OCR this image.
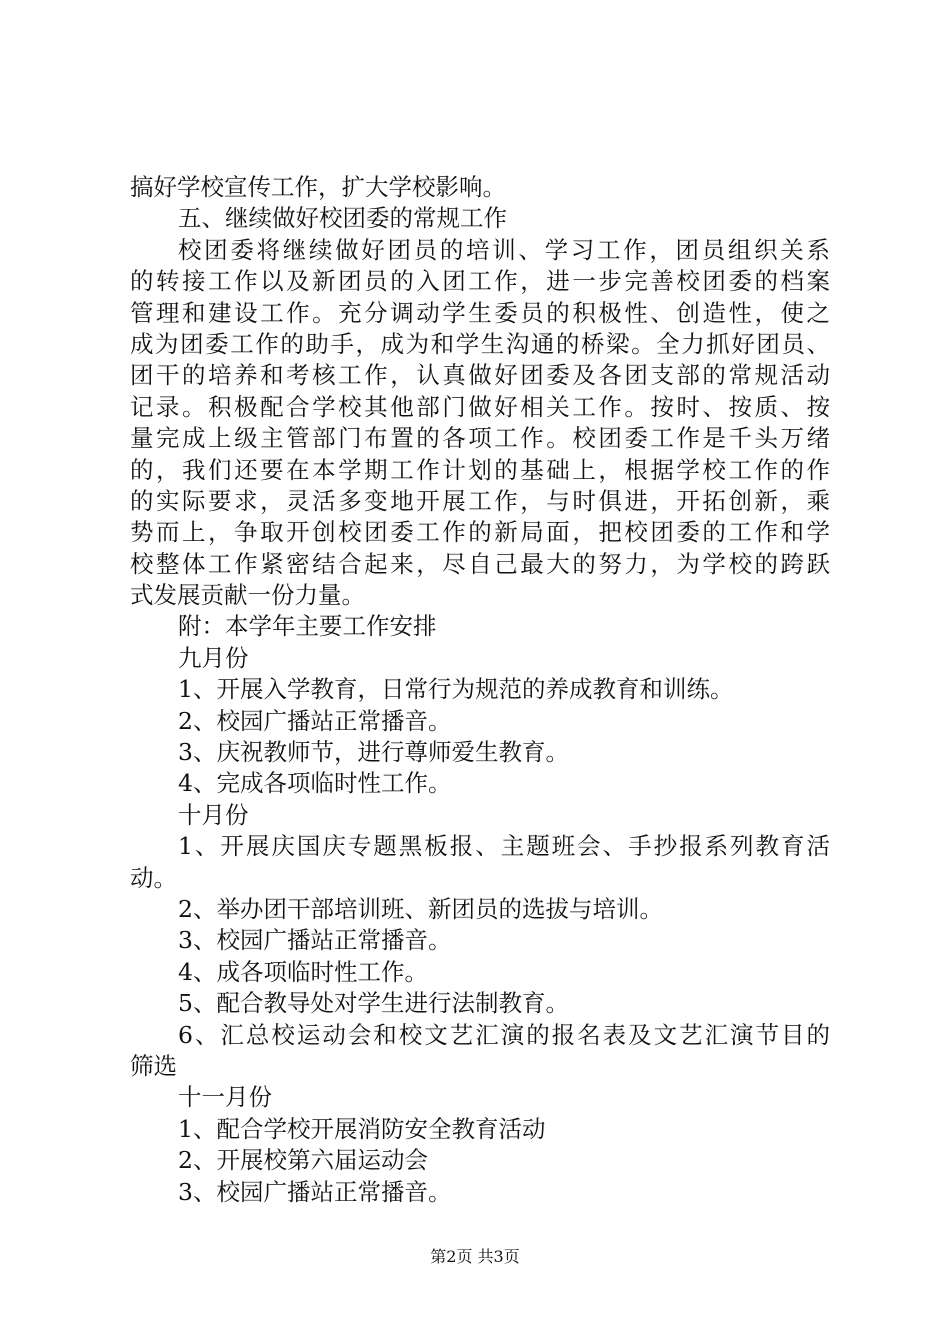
搞好学校宣传工作，扩大学校影响。
五、继续做好校团委的常规工作
校团委将继续做好团员的培训、学习工作，团员组织关系
的转接工作以及新团员的入团工作，进一步完善校团委的档案
管理和建设工作。充分调动学生委员的积极性、创造性，使之
成为团委工作的助手，成为和学生沟通的桥梁。全力抓好团员、
团干的培养和考核工作，认真做好团委及各团支部的常规活动
记录。积极配合学校其他部门做好相关工作。按时、按质、按
量完成上级主管部门布置的各项工作。校团委工作是千头万绪
的，我们还要在本学期工作计划的基础上，根据学校工作的作
的实际要求，灵活多变地开展工作，与时俱进，开拓创新，乘
势而上，争取开创校团委工作的新局面，把校团委的工作和学
校整体工作紧密结合起来，尽自己最大的努力，为学校的跨跃
式发展贡献一份力量。
附：本学年主要工作安排
九月份
1、开展入学教育，日常行为规范的养成教育和训练。
2、校园广播站正常播音。
3、庆祝教师节，进行尊师爱生教育。
4、完成各项临时性工作。
十月份
1、开展庆国庆专题黑板报、主题班会、手抄报系列教育活
动。
2、举办团干部培训班、新团员的选拔与培训。
3、校园广播站正常播音。
4、成各项临时性工作。
5、配合教导处对学生进行法制教育。
6、汇总校运动会和校文艺汇演的报名表及文艺汇演节目的
筛选
十一月份
1、配合学校开展消防安全教育活动
2、开展校第六届运动会
3、校园广播站正常播音。
第2页 共3页
